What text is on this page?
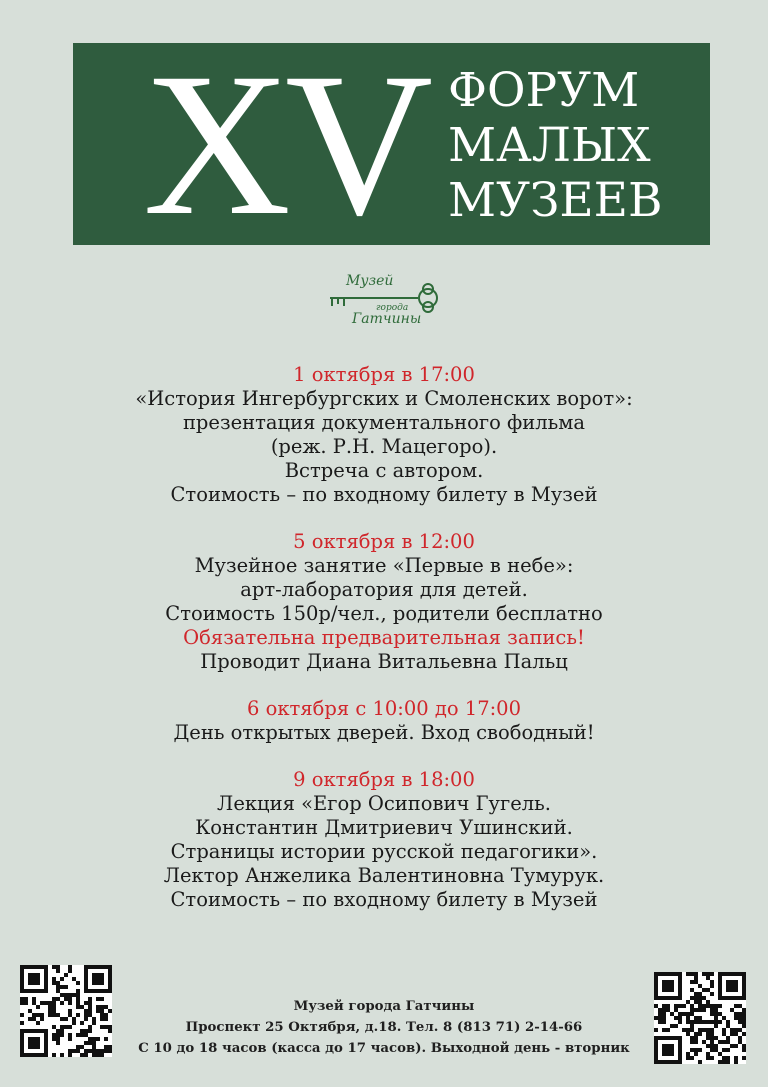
XV ФОРУМ
МАЛЫХ
МУЗЕЕВ
Музей
города
Гатчины
1 октября в 17:00
«История Ингербургских и Смоленских ворот»:
презентация документального фильма
(реж. Р.Н. Мацегоро).
Встреча с автором.
Стоимость – по входному билету в Музей
5 октября в 12:00
Музейное занятие «Первые в небе»:
арт-лаборатория для детей.
Стоимость 150р/чел., родители бесплатно
Обязательна предварительная запись!
Проводит Диана Витальевна Пальц
6 октября с 10:00 до 17:00
День открытых дверей. Вход свободный!
9 октября в 18:00
Лекция «Егор Осипович Гугель.
Константин Дмитриевич Ушинский.
Страницы истории русской педагогики».
Лектор Анжелика Валентиновна Тумурук.
Стоимость – по входному билету в Музей
Музей города Гатчины
Проспект 25 Октября, д.18. Тел. 8 (813 71) 2-14-66
С 10 до 18 часов (касса до 17 часов). Выходной день - вторник
